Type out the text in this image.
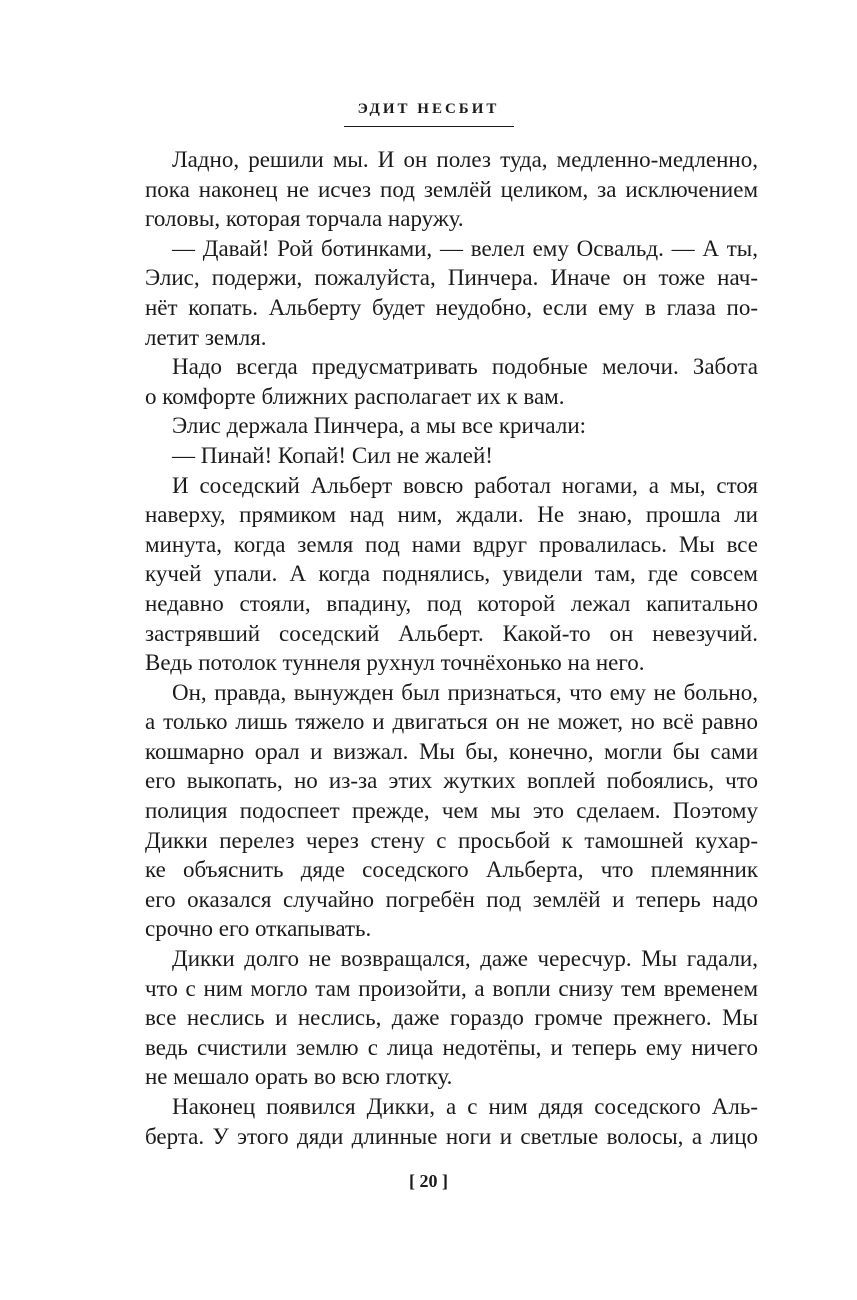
ЭДИТ НЕСБИТ
Ладно, решили мы. И он полез туда, медленно-медленно,
пока наконец не исчез под землёй целиком, за исключением
головы, которая торчала наружу.
— Давай! Рой ботинками, — велел ему Освальд. — А ты,
Элис, подержи, пожалуйста, Пинчера. Иначе он тоже нач-
нёт копать. Альберту будет неудобно, если ему в глаза по-
летит земля.
Надо всегда предусматривать подобные мелочи. Забота
о комфорте ближних располагает их к вам.
Элис держала Пинчера, а мы все кричали:
— Пинай! Копай! Сил не жалей!
И соседский Альберт вовсю работал ногами, а мы, стоя
наверху, прямиком над ним, ждали. Не знаю, прошла ли
минута, когда земля под нами вдруг провалилась. Мы все
кучей упали. А когда поднялись, увидели там, где совсем
недавно стояли, впадину, под которой лежал капитально
застрявший соседский Альберт. Какой-то он невезучий.
Ведь потолок туннеля рухнул точнёхонько на него.
Он, правда, вынужден был признаться, что ему не больно,
а только лишь тяжело и двигаться он не может, но всё равно
кошмарно орал и визжал. Мы бы, конечно, могли бы сами
его выкопать, но из-за этих жутких воплей побоялись, что
полиция подоспеет прежде, чем мы это сделаем. Поэтому
Дикки перелез через стену с просьбой к тамошней кухар-
ке объяснить дяде соседского Альберта, что племянник
его оказался случайно погребён под землёй и теперь надо
срочно его откапывать.
Дикки долго не возвращался, даже чересчур. Мы гадали,
что с ним могло там произойти, а вопли снизу тем временем
все неслись и неслись, даже гораздо громче прежнего. Мы
ведь счистили землю с лица недотёпы, и теперь ему ничего
не мешало орать во всю глотку.
Наконец появился Дикки, а с ним дядя соседского Аль-
берта. У этого дяди длинные ноги и светлые волосы, а лицо
[ 20 ]
